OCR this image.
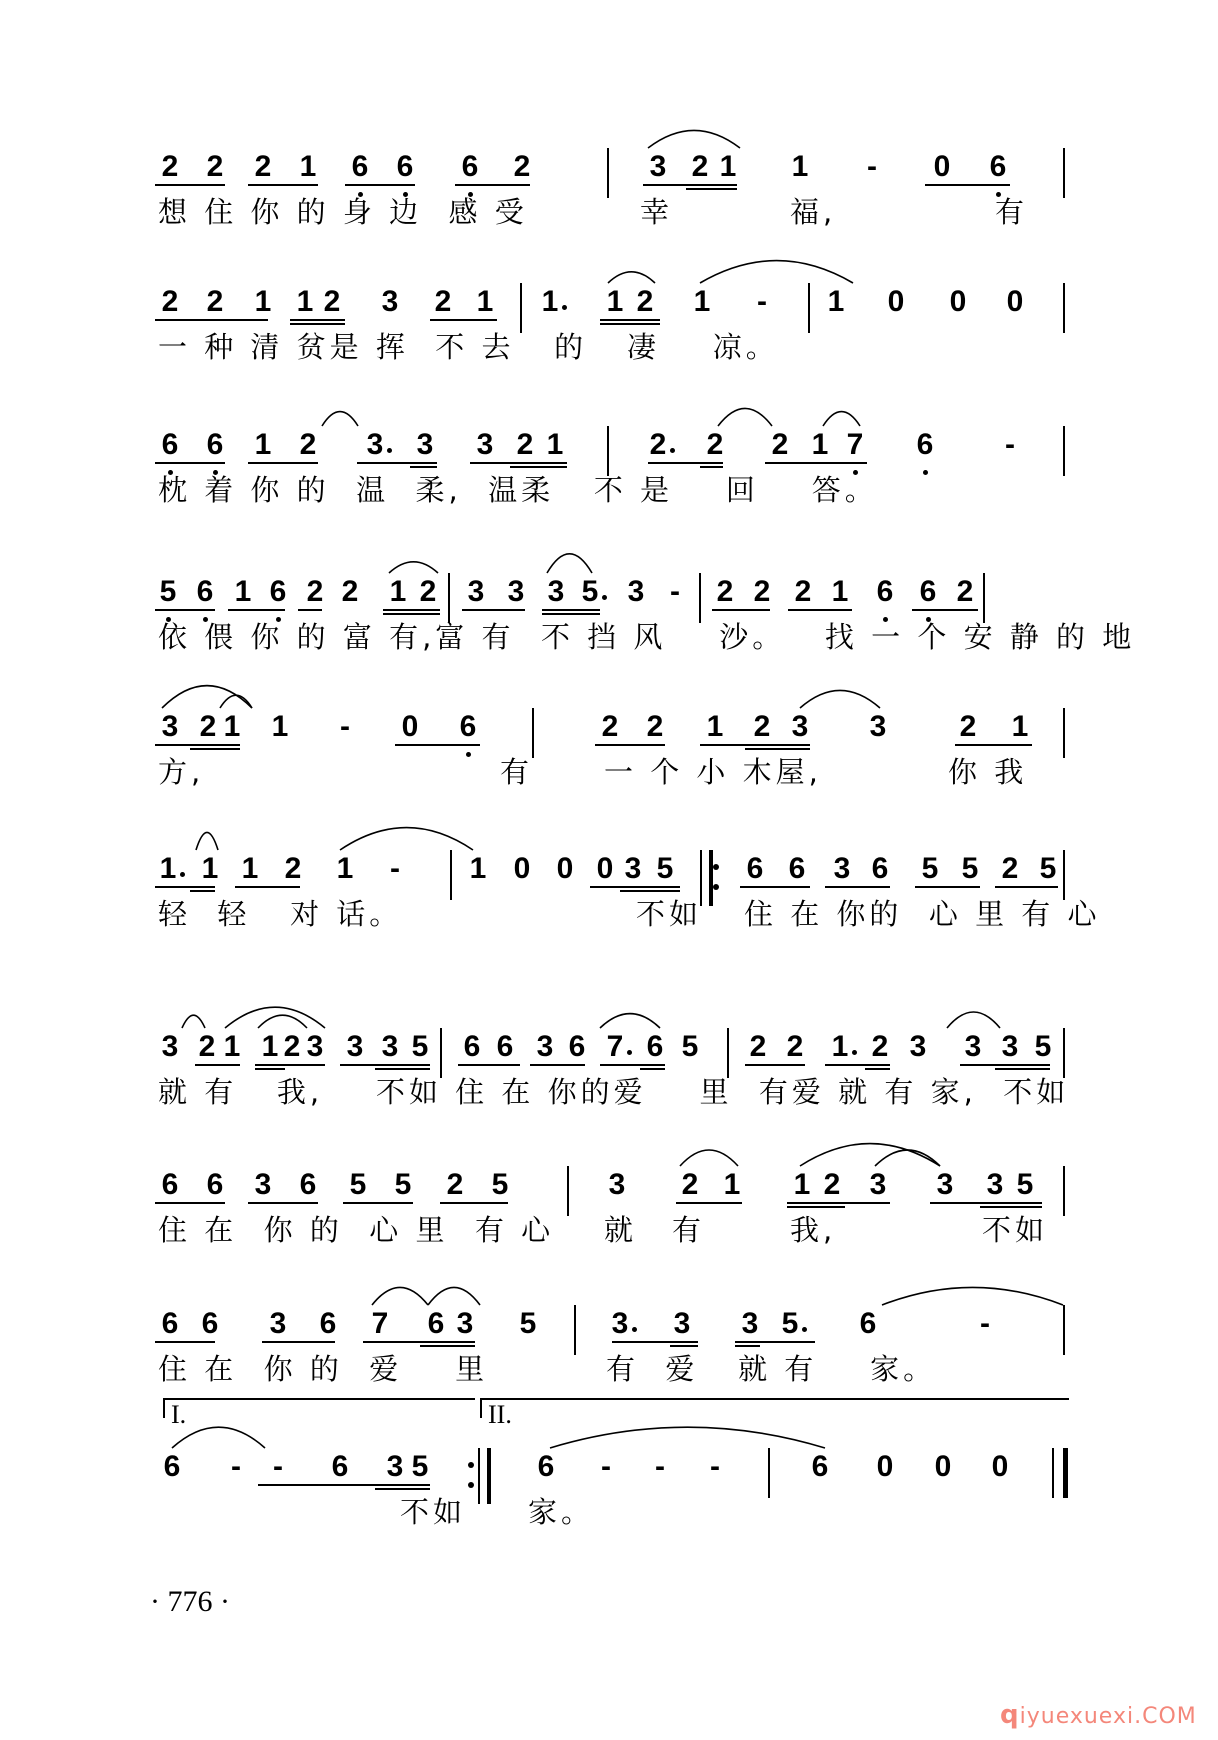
2 2 2 1 6 6 6 2	3 2 1 1 - 0 6
想 住 你 的 身 边  感 受	幸	福,	有
2 2 1 1 2 3 2 1 1 1 2 1 - 1 0 0 0
一 种 清 贫是 挥  不 去   的   凄    凉。
6 6 1 2 3 3 3 2 1	2 2 2 1 7 6 -
枕 着 你 的  温  柔,  温柔   不 是    回    答。
5 6 1 6 2 2 1 2 3 3 3 5 3 - 2 2 2 1 6 6 2
依 偎 你 的 富 有,富 有  不 挡 风    沙。   找 一 个 安 静 的 地
3 2 1 1 - 0 6	2 2 1 2 3 3 2 1
方,	有 一 个 小 木屋,	你 我
1 1 1 2 1 - 1 0 0 0 3 5 6 6 3 6 5 5 2 5
轻  轻   对 话。	不如 住 在 你的  心 里 有 心
3 2 1 1 2 3 3 3 5 6 6 3 6 7 6 5 2 2 1 2 3 3 3 5
就 有   我,    不如 住 在 你的爱    里  有爱 就 有 家,  不如
6 6 3 6 5 5 2 5	3 2 1 1 2 3 3 3 5
住 在  你 的  心 里  有 心 就 有	我,	不如
6 6 3 6 7 6 3 5	3 3 3 5 6	-
住 在  你 的  爱    里	有  爱   就 有    家。
6 - - 6 3 5	6 - - -	6 0 0 0
I.	II.
不如 家。
· 776 ·
qiyuexuexi.COM
